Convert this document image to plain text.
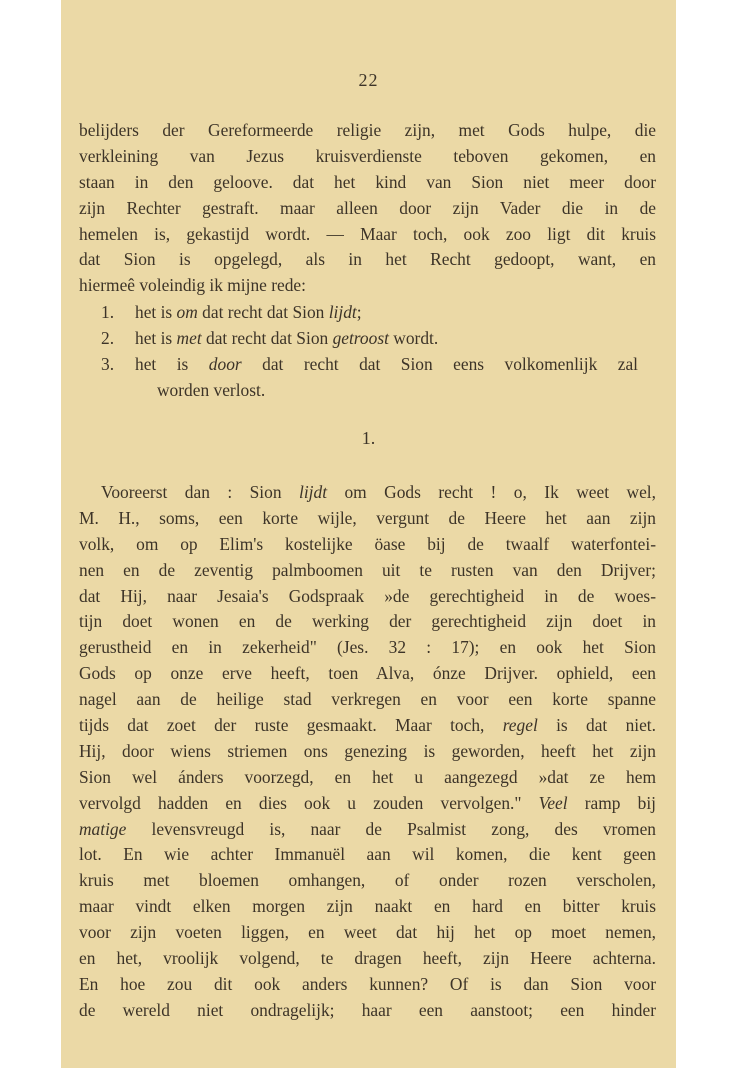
22
belijders der Gereformeerde religie zijn, met Gods hulpe, die
verkleining van Jezus kruisverdienste teboven gekomen, en
staan in den geloove. dat het kind van Sion niet meer door
zijn Rechter gestraft. maar alleen door zijn Vader die in de
hemelen is, gekastijd wordt. — Maar toch, ook zoo ligt dit kruis
dat Sion is opgelegd, als in het Recht gedoopt, want, en
hiermeê voleindig ik mijne rede:
1.	het is om dat recht dat Sion lijdt;
2.	het is met dat recht dat Sion getroost wordt.
3.	het is door dat recht dat Sion eens volkomenlijk zal
worden verlost.
1.
Vooreerst dan : Sion lijdt om Gods recht ! o, Ik weet wel,
M. H., soms, een korte wijle, vergunt de Heere het aan zijn
volk, om op Elim's kostelijke öase bij de twaalf waterfontei-
nen en de zeventig palmboomen uit te rusten van den Drijver;
dat Hij, naar Jesaia's Godspraak »de gerechtigheid in de woes-
tijn doet wonen en de werking der gerechtigheid zijn doet in
gerustheid en in zekerheid" (Jes. 32 : 17); en ook het Sion
Gods op onze erve heeft, toen Alva, ónze Drijver. ophield, een
nagel aan de heilige stad verkregen en voor een korte spanne
tijds dat zoet der ruste gesmaakt. Maar toch, regel is dat niet.
Hij, door wiens striemen ons genezing is geworden, heeft het zijn
Sion wel ánders voorzegd, en het u aangezegd »dat ze hem
vervolgd hadden en dies ook u zouden vervolgen." Veel ramp bij
matige levensvreugd is, naar de Psalmist zong, des vromen
lot. En wie achter Immanuël aan wil komen, die kent geen
kruis met bloemen omhangen, of onder rozen verscholen,
maar vindt elken morgen zijn naakt en hard en bitter kruis
voor zijn voeten liggen, en weet dat hij het op moet nemen,
en het, vroolijk volgend, te dragen heeft, zijn Heere achterna.
En hoe zou dit ook anders kunnen? Of is dan Sion voor
de wereld niet ondragelijk; haar een aanstoot; een hinder
